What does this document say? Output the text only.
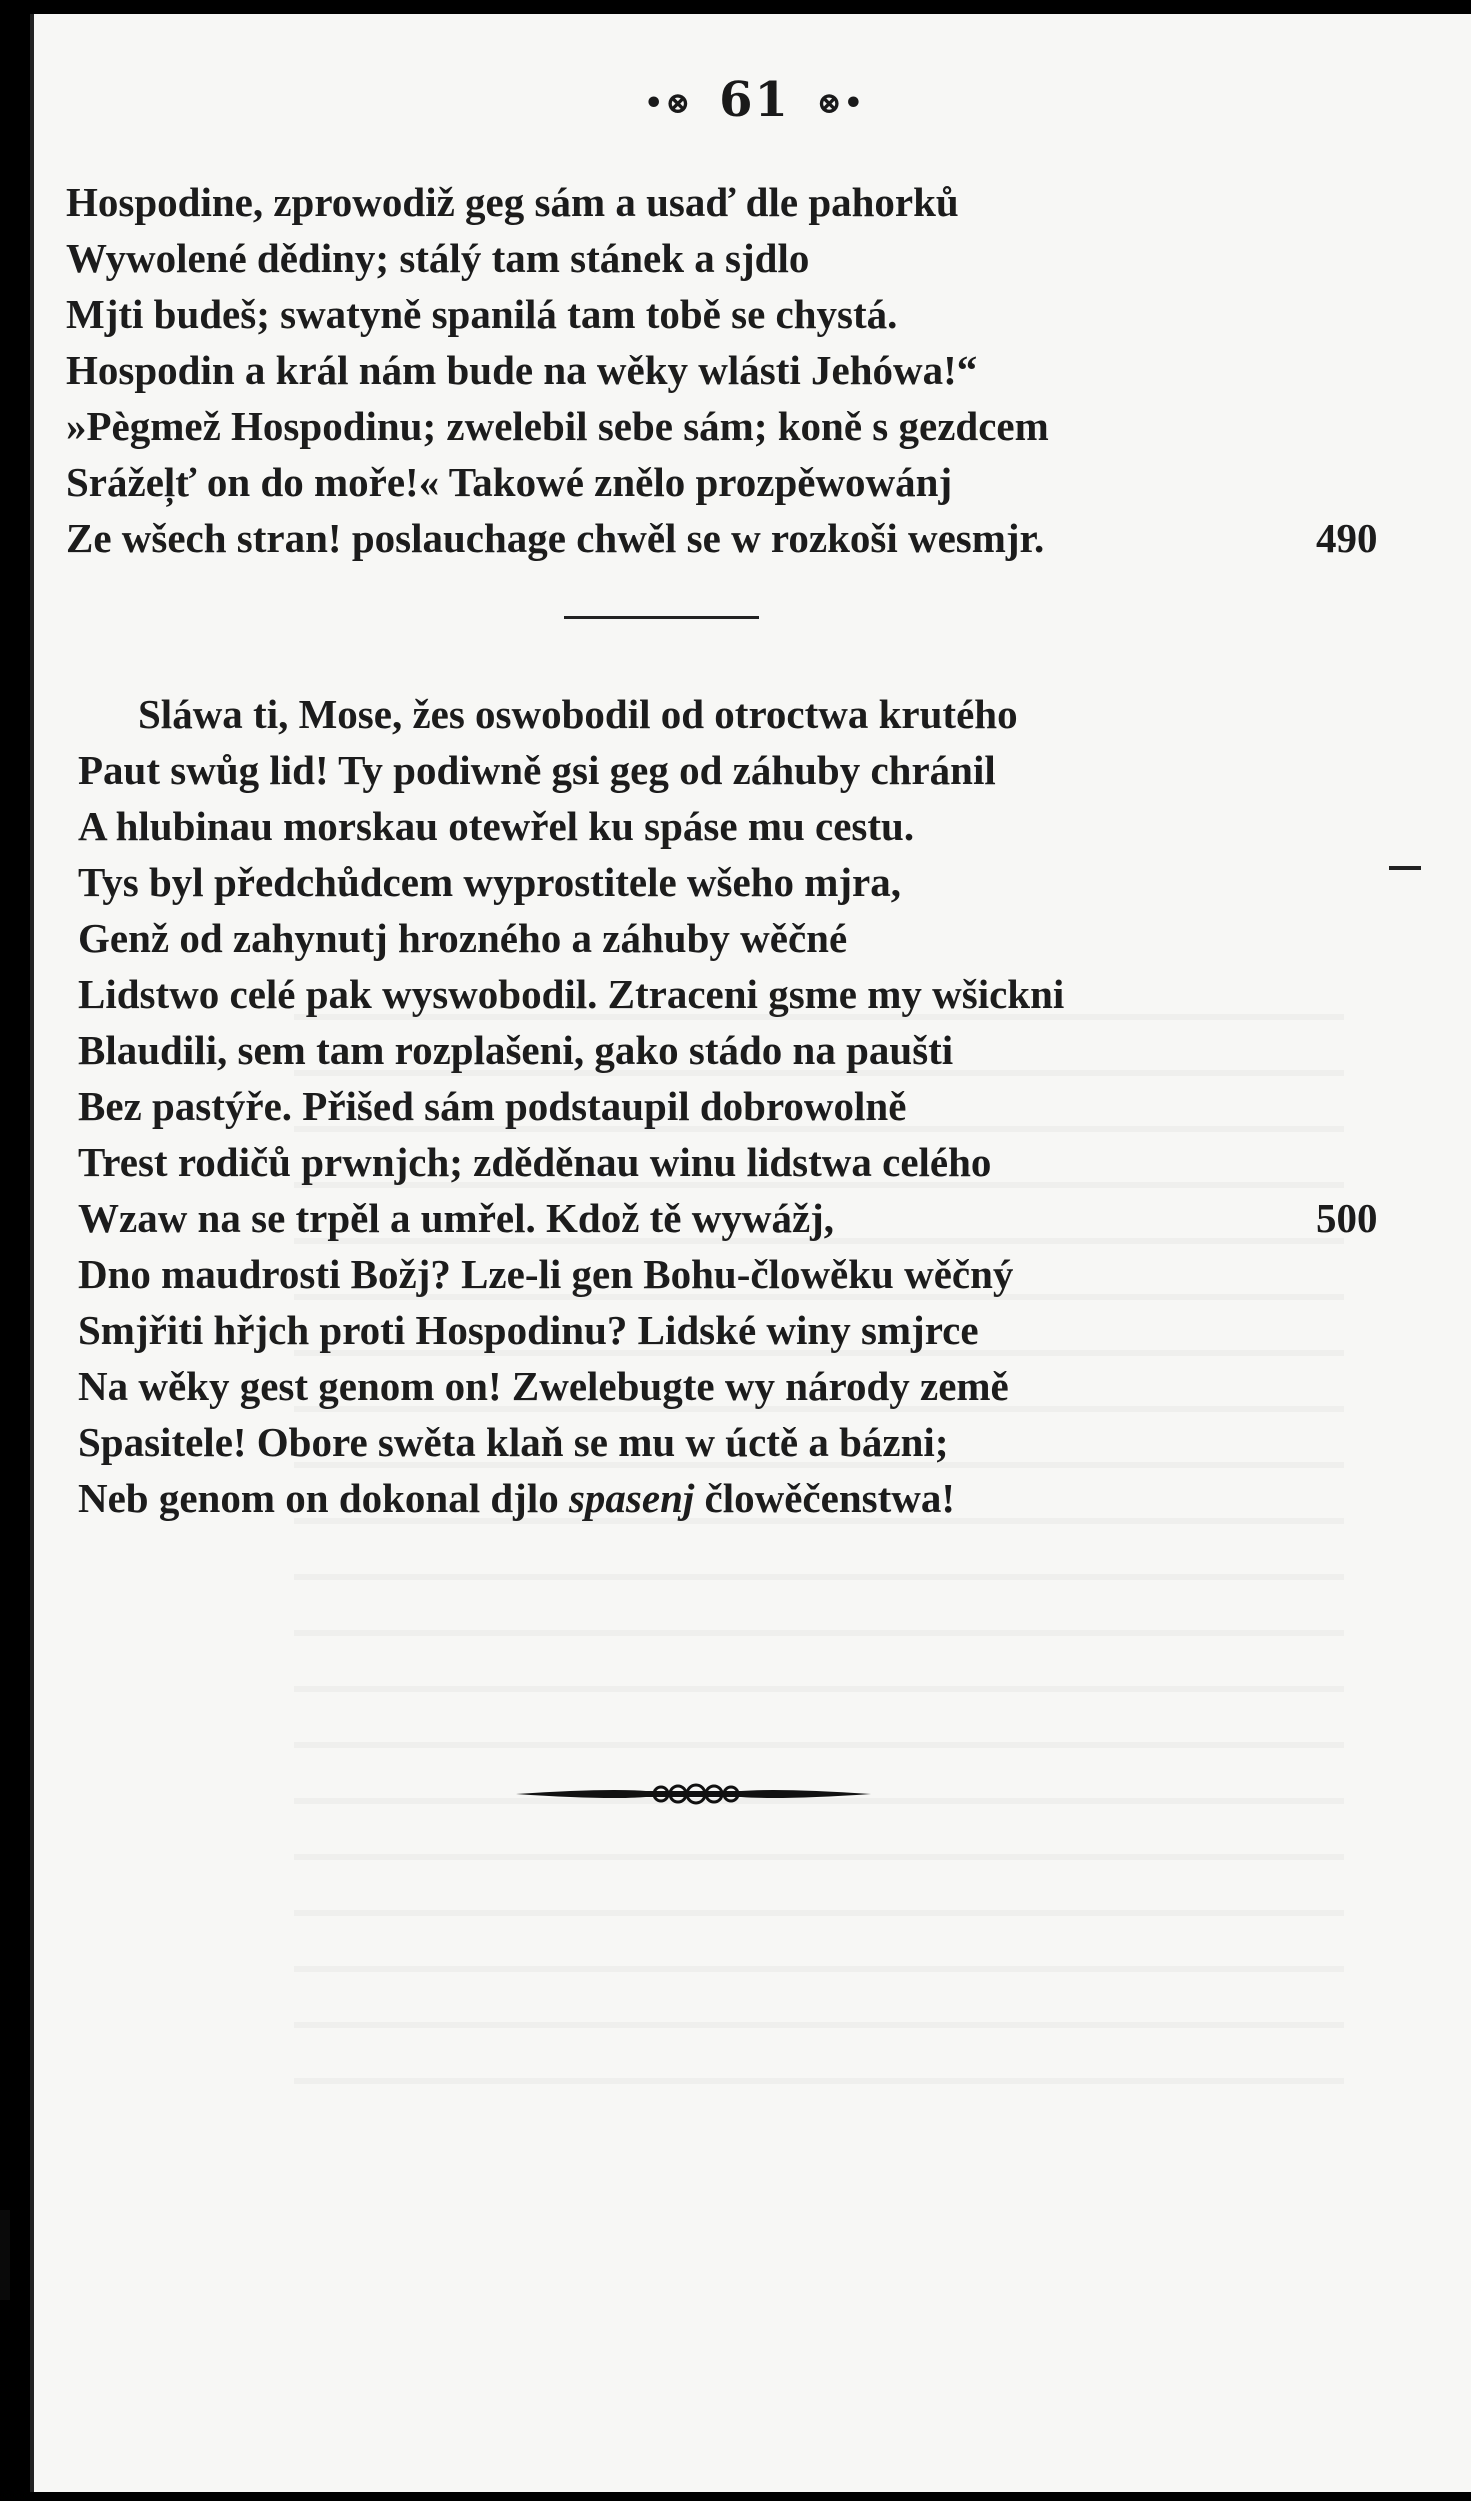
•⊗ 61 ⊗•
Hospodine, zprowodiž geg sám a usaď dle pahorků
Wywolené dědiny; stálý tam stánek a sjdlo
Mjti budeš; swatyně spanilá tam tobě se chystá.
Hospodin a král nám bude na wěky wlásti Jehówa!“
»Pègmež Hospodinu; zwelebil sebe sám; koně s gezdcem
Srážeļť on do moře!« Takowé znělo prozpěwowánj
Ze wšech stran! poslauchage chwěl se w rozkoši wesmjr.	490
Sláwa ti, Mose, žes oswobodil od otroctwa krutého
Paut swůg lid! Ty podiwně gsi geg od záhuby chránil
A hlubinau morskau otewřel ku spáse mu cestu.
Tys byl předchůdcem wyprostitele wšeho mjra,
Genž od zahynutj hrozného a záhuby wěčné
Lidstwo celé pak wyswobodil. Ztraceni gsme my wšickni
Blaudili, sem tam rozplašeni, gako stádo na paušti
Bez pastýře. Přišed sám podstaupil dobrowolně
Trest rodičů prwnjch; zděděnau winu lidstwa celého
Wzaw na se trpěl a umřel. Kdož tě wywážj,	500
Dno maudrosti Božj? Lze-li gen Bohu-člowěku wěčný
Smjřiti hřjch proti Hospodinu? Lidské winy smjrce
Na wěky gest genom on! Zwelebugte wy národy země
Spasitele! Obore swěta klaň se mu w úctě a bázni;
Neb genom on dokonal djlo spasenj člowěčenstwa!
